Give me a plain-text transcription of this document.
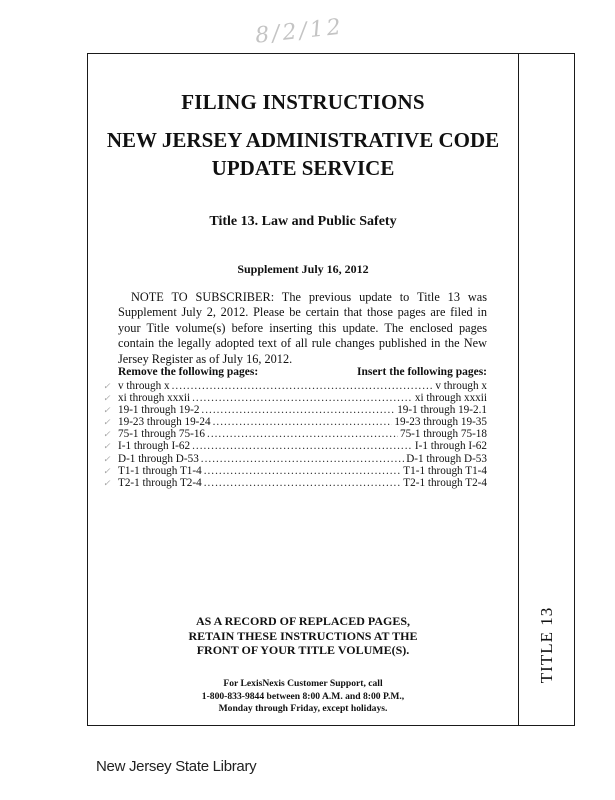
8/2/12
TITLE 13
FILING INSTRUCTIONS
NEW JERSEY ADMINISTRATIVE CODE
UPDATE SERVICE
Title 13. Law and Public Safety
Supplement July 16, 2012
NOTE TO SUBSCRIBER: The previous update to Title 13 was Supplement July 2, 2012. Please be certain that those pages are filed in your Title volume(s) before inserting this update. The enclosed pages contain the legally adopted text of all rule changes published in the New Jersey Register as of July 16, 2012.
Remove the following pages:	Insert the following pages:
✓ v through x .....	v through x
✓ xi through xxxii .....	xi through xxxii
✓ 19-1 through 19-2 .....	19-1 through 19-2.1
✓ 19-23 through 19-24 .....	19-23 through 19-35
✓ 75-1 through 75-16 .....	75-1 through 75-18
✓ I-1 through I-62 .....	I-1 through I-62
✓ D-1 through D-53 .....	D-1 through D-53
✓ T1-1 through T1-4 .....	T1-1 through T1-4
✓ T2-1 through T2-4 .....	T2-1 through T2-4
AS A RECORD OF REPLACED PAGES,
RETAIN THESE INSTRUCTIONS AT THE
FRONT OF YOUR TITLE VOLUME(S).
For LexisNexis Customer Support, call
1-800-833-9844 between 8:00 A.M. and 8:00 P.M.,
Monday through Friday, except holidays.
New Jersey State Library
